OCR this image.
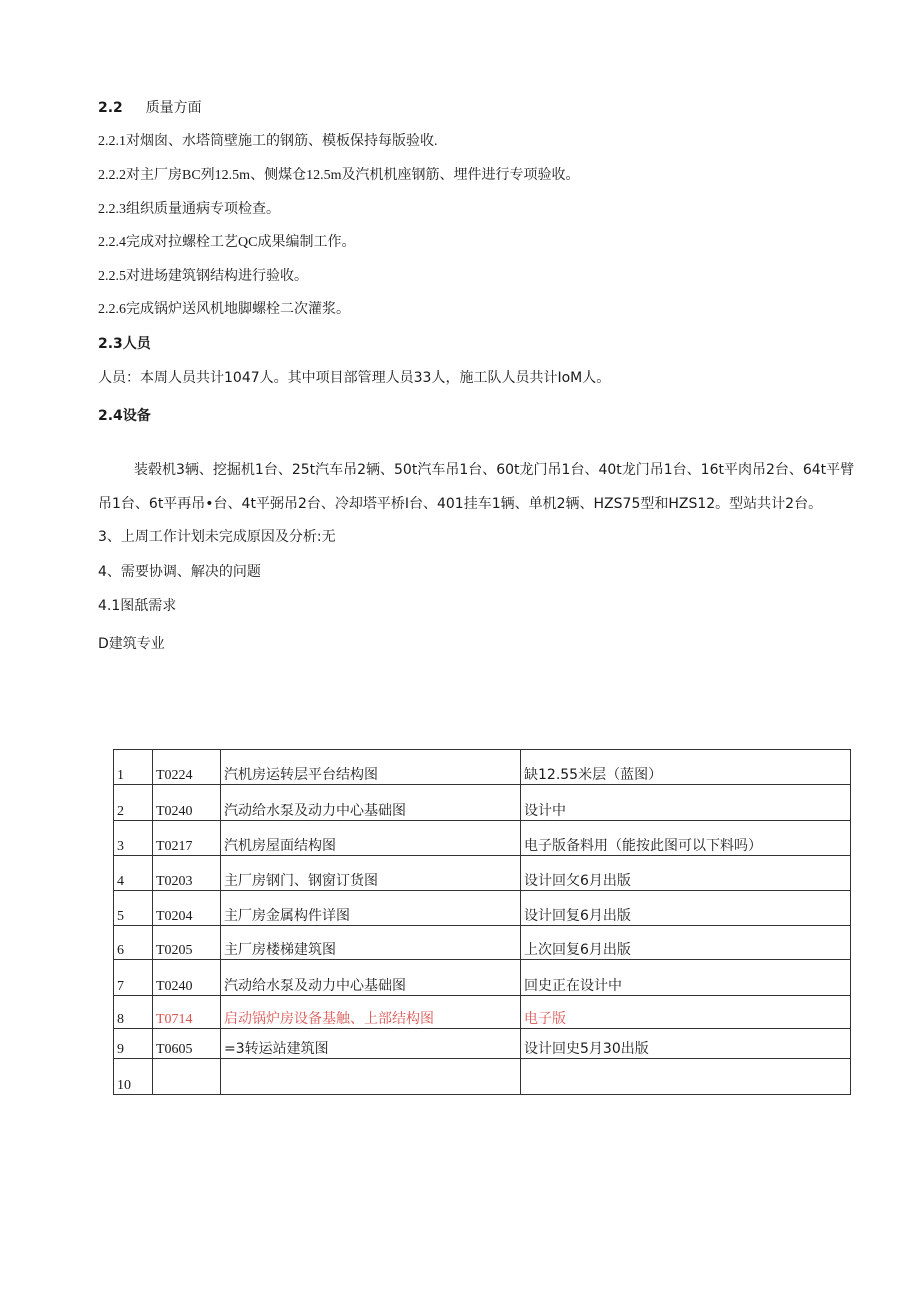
2.2 质量方面
2.2.1对烟囱、水塔筒壁施工的钢筋、模板保持每版验收.
2.2.2对主厂房BC列12.5m、侧煤仓12.5m及汽机机座钢筋、埋件进行专项验收。
2.2.3组织质量通病专项检查。
2.2.4完成对拉螺栓工艺QC成果编制工作。
2.2.5对进场建筑钢结构进行验收。
2.2.6完成锅炉送风机地脚螺栓二次灌浆。
2.3人员
人员：本周人员共计1047人。其中项目部管理人员33人，施工队人员共计IoM人。
2.4设备
装毂机3辆、挖掘机1台、25t汽车吊2辆、50t汽车吊1台、60t龙门吊1台、40t龙门吊1台、16t平肉吊2台、64t平臂吊1台、6t平再吊•台、4t平弼吊2台、冷却塔平桥I台、401挂车1辆、单机2辆、HZS75型和HZS12。型站共计2台。
3、上周工作计划未完成原因及分析:无
4、需要协调、解决的问题
4.1图舐需求
D建筑专业
1	T0224	汽机房运转层平台结构图	缺12.55米层（蓝图）
2	T0240	汽动给水泵及动力中心基础图	设计中
3	T0217	汽机房屋面结构图	电子版备料用（能按此图可以下料吗）
4	T0203	主厂房钢门、钢窗订货图	设计回攵6月出版
5	T0204	主厂房金属构件详图	设计回复6月出版
6	T0205	主厂房楼梯建筑图	上次回复6月出版
7	T0240	汽动给水泵及动力中心基础图	回史正在设计中
8	T0714	启动锅炉房设备基触、上部结构图	电子版
9	T0605	=3转运站建筑图	设计回史5月30出版
10			
